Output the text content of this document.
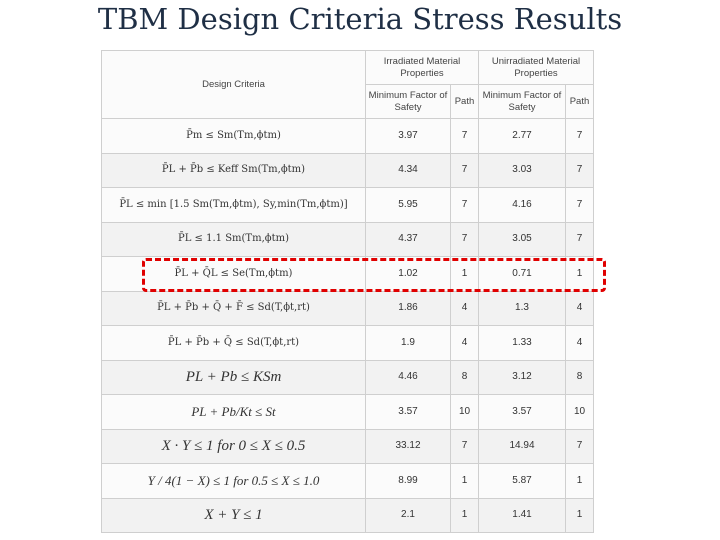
TBM Design Criteria Stress Results
Design Criteria	Irradiated Material Properties		Unirradiated Material Properties	
	Minimum Factor of Safety	Path	Minimum Factor of Safety	Path
P̄m ≤ Sm(Tm,ϕtm)	3.97	7	2.77	7
P̄L + P̄b ≤ Keff Sm(Tm,ϕtm)	4.34	7	3.03	7
P̄L ≤ min [1.5 Sm(Tm,ϕtm), Sy,min(Tm,ϕtm)]	5.95	7	4.16	7
P̄L ≤ 1.1 Sm(Tm,ϕtm)	4.37	7	3.05	7
P̄L + Q̄L ≤ Se(Tm,ϕtm)	1.02	1	0.71	1
P̄L + P̄b + Q̄ + F̄ ≤ Sd(T,ϕt,rt)	1.86	4	1.3	4
P̄L + P̄b + Q̄ ≤ Sd(T,ϕt,rt)	1.9	4	1.33	4
PL + Pb ≤ KSm	4.46	8	3.12	8
PL + Pb/Kt ≤ St	3.57	10	3.57	10
X · Y ≤ 1 for 0 ≤ X ≤ 0.5	33.12	7	14.94	7
Y / 4(1 − X) ≤ 1 for 0.5 ≤ X ≤ 1.0	8.99	1	5.87	1
X + Y ≤ 1	2.1	1	1.41	1
